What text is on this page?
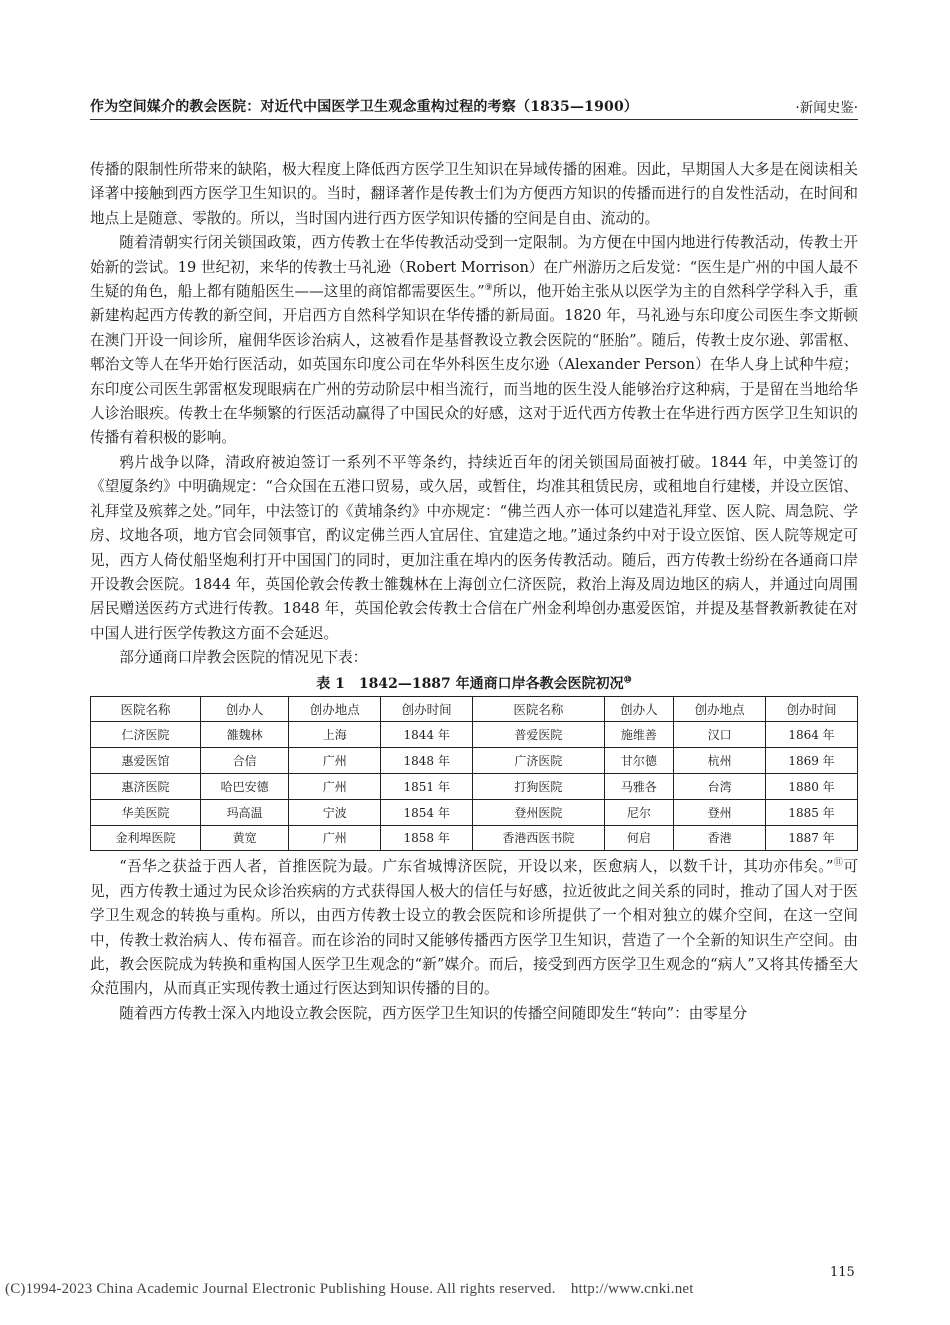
作为空间媒介的教会医院：对近代中国医学卫生观念重构过程的考察（1835—1900）	·新闻史鉴·

传播的限制性所带来的缺陷，极大程度上降低西方医学卫生知识在异域传播的困难。因此，早期国人大多是在阅读相关译著中接触到西方医学卫生知识的。当时，翻译著作是传教士们为方便西方知识的传播而进行的自发性活动，在时间和地点上是随意、零散的。所以，当时国内进行西方医学知识传播的空间是自由、流动的。

随着清朝实行闭关锁国政策，西方传教士在华传教活动受到一定限制。为方便在中国内地进行传教活动，传教士开始新的尝试。19 世纪初，来华的传教士马礼逊（Robert Morrison）在广州游历之后发觉：“医生是广州的中国人最不生疑的角色，船上都有随船医生——这里的商馆都需要医生。”⑨所以，他开始主张从以医学为主的自然科学学科入手，重新建构起西方传教的新空间，开启西方自然科学知识在华传播的新局面。1820 年，马礼逊与东印度公司医生李文斯顿在澳门开设一间诊所，雇佣华医诊治病人，这被看作是基督教设立教会医院的“胚胎”。随后，传教士皮尔逊、郭雷枢、郫治文等人在华开始行医活动，如英国东印度公司在华外科医生皮尔逊（Alexander Person）在华人身上试种牛痘；东印度公司医生郭雷枢发现眼病在广州的劳动阶层中相当流行，而当地的医生没人能够治疗这种病，于是留在当地给华人诊治眼疾。传教士在华频繁的行医活动赢得了中国民众的好感，这对于近代西方传教士在华进行西方医学卫生知识的传播有着积极的影响。

鸦片战争以降，清政府被迫签订一系列不平等条约，持续近百年的闭关锁国局面被打破。1844 年，中美签订的《望厦条约》中明确规定：“合众国在五港口贸易，或久居，或暂住，均准其租赁民房，或租地自行建楼，并设立医馆、礼拜堂及殡葬之处。”同年，中法签订的《黄埔条约》中亦规定：“佛兰西人亦一体可以建造礼拜堂、医人院、周急院、学房、坟地各项，地方官会同领事官，酌议定佛兰西人宜居住、宜建造之地。”通过条约中对于设立医馆、医人院等规定可见，西方人倚仗船坚炮利打开中国国门的同时，更加注重在埠内的医务传教活动。随后，西方传教士纷纷在各通商口岸开设教会医院。1844 年，英国伦敦会传教士雒魏林在上海创立仁济医院，救治上海及周边地区的病人，并通过向周围居民赠送医药方式进行传教。1848 年，英国伦敦会传教士合信在广州金利埠创办惠爱医馆，并提及基督教新教徒在对中国人进行医学传教这方面不会延迟。

部分通商口岸教会医院的情况见下表：

表 1　1842—1887 年通商口岸各教会医院初况⑩
医院名称	创办人	创办地点	创办时间	医院名称	创办人	创办地点	创办时间
仁济医院	雒魏林	上海	1844 年	普爱医院	施维善	汉口	1864 年
惠爱医馆	合信	广州	1848 年	广济医院	甘尔德	杭州	1869 年
惠济医院	哈巴安德	广州	1851 年	打狗医院	马雅各	台湾	1880 年
华美医院	玛高温	宁波	1854 年	登州医院	尼尔	登州	1885 年
金利埠医院	黄宽	广州	1858 年	香港西医书院	何启	香港	1887 年

“吾华之获益于西人者，首推医院为最。广东省城博济医院，开设以来，医愈病人，以数千计，其功亦伟矣。”⑪可见，西方传教士通过为民众诊治疾病的方式获得国人极大的信任与好感，拉近彼此之间关系的同时，推动了国人对于医学卫生观念的转换与重构。所以，由西方传教士设立的教会医院和诊所提供了一个相对独立的媒介空间，在这一空间中，传教士救治病人、传布福音。而在诊治的同时又能够传播西方医学卫生知识，营造了一个全新的知识生产空间。由此，教会医院成为转换和重构国人医学卫生观念的“新”媒介。而后，接受到西方医学卫生观念的“病人”又将其传播至大众范围内，从而真正实现传教士通过行医达到知识传播的目的。

随着西方传教士深入内地设立教会医院，西方医学卫生知识的传播空间随即发生“转向”：由零星分

115
(C)1994-2023 China Academic Journal Electronic Publishing House. All rights reserved.　http://www.cnki.net
